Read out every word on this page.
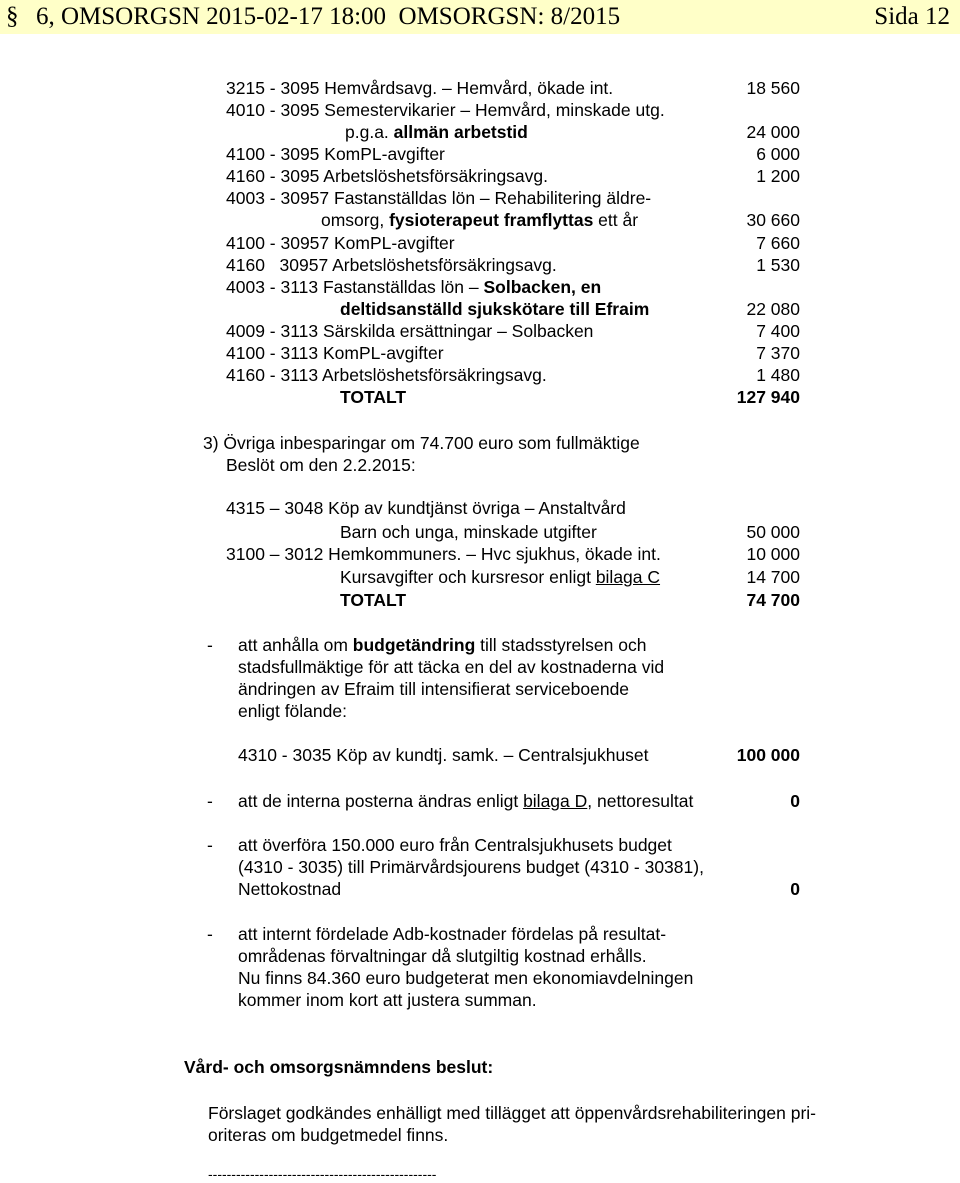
§ 6, OMSORGSN 2015-02-17 18:00  OMSORGSN: 8/2015	Sida 12
3215 - 3095 Hemvårdsavg. – Hemvård, ökade int.	18 560
4010 - 3095 Semestervikarier – Hemvård, minskade utg.
p.g.a. allmän arbetstid	24 000
4100 - 3095 KomPL-avgifter	6 000
4160 - 3095 Arbetslöshetsförsäkringsavg.	1 200
4003 - 30957 Fastanställdas lön – Rehabilitering äldre-
omsorg, fysioterapeut framflyttas ett år	30 660
4100 - 30957 KomPL-avgifter	7 660
4160   30957 Arbetslöshetsförsäkringsavg.	1 530
4003 - 3113 Fastanställdas lön – Solbacken, en
deltidsanställd sjukskötare till Efraim	22 080
4009 - 3113 Särskilda ersättningar – Solbacken	7 400
4100 - 3113 KomPL-avgifter	7 370
4160 - 3113 Arbetslöshetsförsäkringsavg.	1 480
TOTALT	127 940
3) Övriga inbesparingar om 74.700 euro som fullmäktige
Beslöt om den 2.2.2015:
4315 – 3048 Köp av kundtjänst övriga – Anstaltvård
Barn och unga, minskade utgifter	50 000
3100 – 3012 Hemkommuners. – Hvc sjukhus, ökade int.	10 000
Kursavgifter och kursresor enligt bilaga C	14 700
TOTALT	74 700
- att anhålla om budgetändring till stadsstyrelsen och
stadsfullmäktige för att täcka en del av kostnaderna vid
ändringen av Efraim till intensifierat serviceboende
enligt fölande:
4310 - 3035 Köp av kundtj. samk. – Centralsjukhuset	100 000
- att de interna posterna ändras enligt bilaga D, nettoresultat	0
- att överföra 150.000 euro från Centralsjukhusets budget
(4310 - 3035) till Primärvårdsjourens budget (4310 - 30381),
Nettokostnad	0
- att internt fördelade Adb-kostnader fördelas på resultat-
områdenas förvaltningar då slutgiltig kostnad erhålls.
Nu finns 84.360 euro budgeterat men ekonomiavdelningen
kommer inom kort att justera summan.
Vård- och omsorgsnämndens beslut:
Förslaget godkändes enhälligt med tillägget att öppenvårdsrehabiliteringen pri-
oriteras om budgetmedel finns.
-------------------------------------------------
